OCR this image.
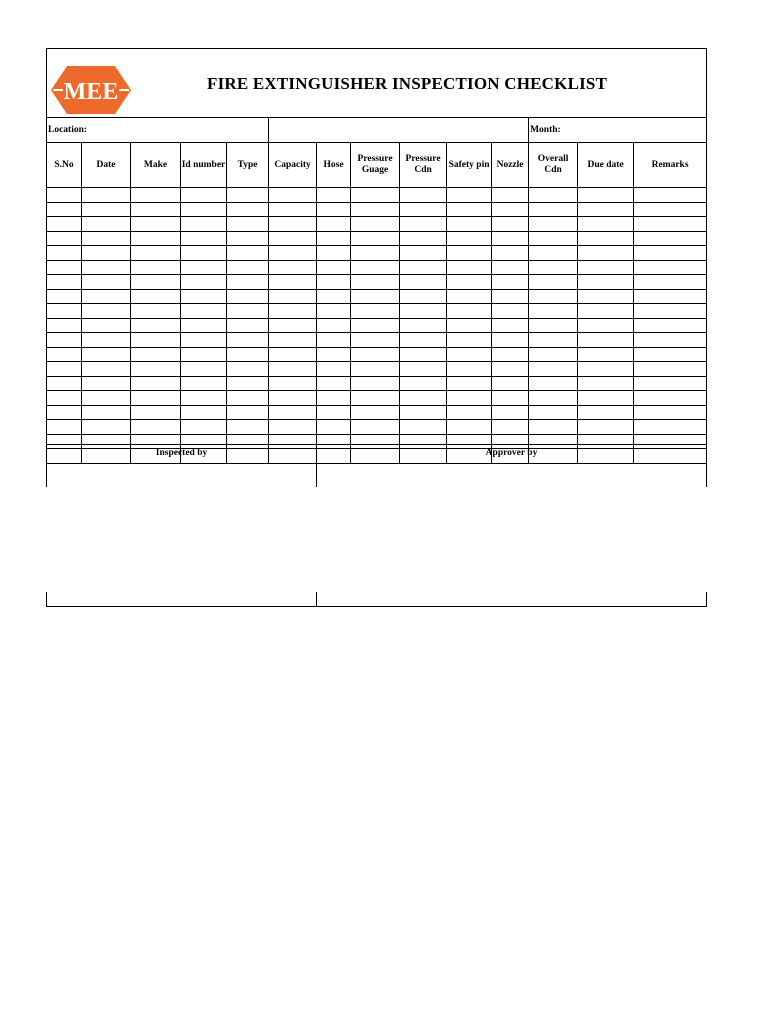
MEE	FIRE EXTINGUISHER INSPECTION CHECKLIST
Location:											Month:		
S.No	Date	Make	Id number	Type	Capacity	Hose	Pressure Guage	Pressure Cdn	Safety pin	Nozzle	Overall Cdn	Due date	Remarks

Inspected by	Approver by
